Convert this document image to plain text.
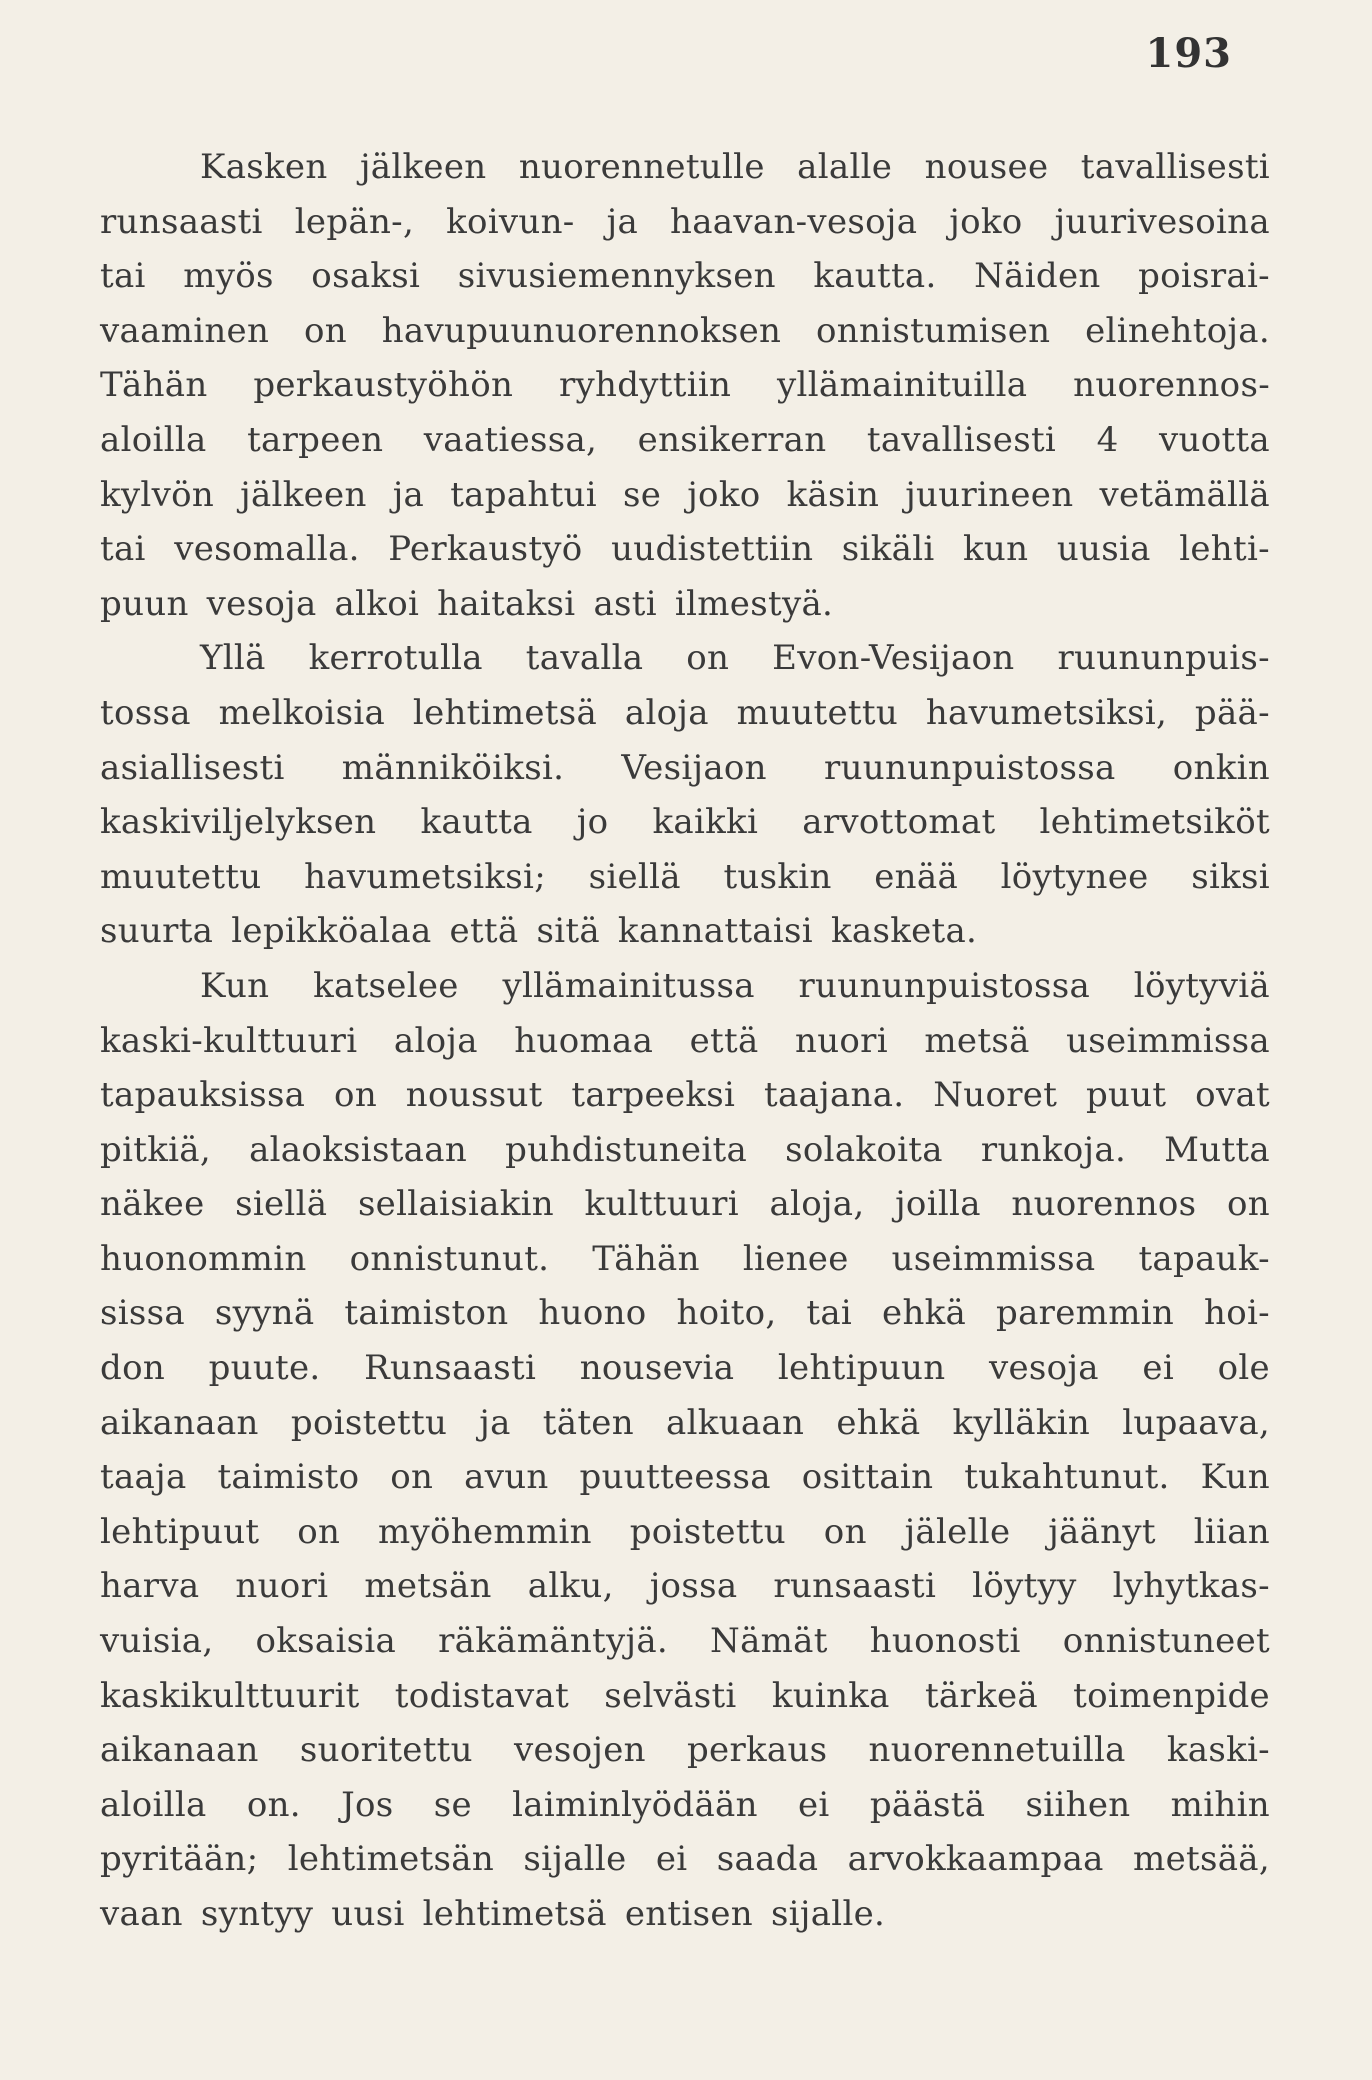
193
Kasken jälkeen nuorennetulle alalle nousee tavallisesti
runsaasti lepän-, koivun- ja haavan-vesoja joko juurivesoina
tai myös osaksi sivusiemennyksen kautta. Näiden poisrai-
vaaminen on havupuunuorennoksen onnistumisen elinehtoja.
Tähän perkaustyöhön ryhdyttiin yllämainituilla nuorennos-
aloilla tarpeen vaatiessa, ensikerran tavallisesti 4 vuotta
kylvön jälkeen ja tapahtui se joko käsin juurineen vetämällä
tai vesomalla. Perkaustyö uudistettiin sikäli kun uusia lehti-
puun vesoja alkoi haitaksi asti ilmestyä.
Yllä kerrotulla tavalla on Evon-Vesijaon ruununpuis-
tossa melkoisia lehtimetsä aloja muutettu havumetsiksi, pää-
asiallisesti männiköiksi. Vesijaon ruununpuistossa onkin
kaskiviljelyksen kautta jo kaikki arvottomat lehtimetsiköt
muutettu havumetsiksi; siellä tuskin enää löytynee siksi
suurta lepikköalaa että sitä kannattaisi kasketa.
Kun katselee yllämainitussa ruununpuistossa löytyviä
kaski-kulttuuri aloja huomaa että nuori metsä useimmissa
tapauksissa on noussut tarpeeksi taajana. Nuoret puut ovat
pitkiä, alaoksistaan puhdistuneita solakoita runkoja. Mutta
näkee siellä sellaisiakin kulttuuri aloja, joilla nuorennos on
huonommin onnistunut. Tähän lienee useimmissa tapauk-
sissa syynä taimiston huono hoito, tai ehkä paremmin hoi-
don puute. Runsaasti nousevia lehtipuun vesoja ei ole
aikanaan poistettu ja täten alkuaan ehkä kylläkin lupaava,
taaja taimisto on avun puutteessa osittain tukahtunut. Kun
lehtipuut on myöhemmin poistettu on jälelle jäänyt liian
harva nuori metsän alku, jossa runsaasti löytyy lyhytkas-
vuisia, oksaisia räkämäntyjä. Nämät huonosti onnistuneet
kaskikulttuurit todistavat selvästi kuinka tärkeä toimenpide
aikanaan suoritettu vesojen perkaus nuorennetuilla kaski-
aloilla on. Jos se laiminlyödään ei päästä siihen mihin
pyritään; lehtimetsän sijalle ei saada arvokkaampaa metsää,
vaan syntyy uusi lehtimetsä entisen sijalle.
